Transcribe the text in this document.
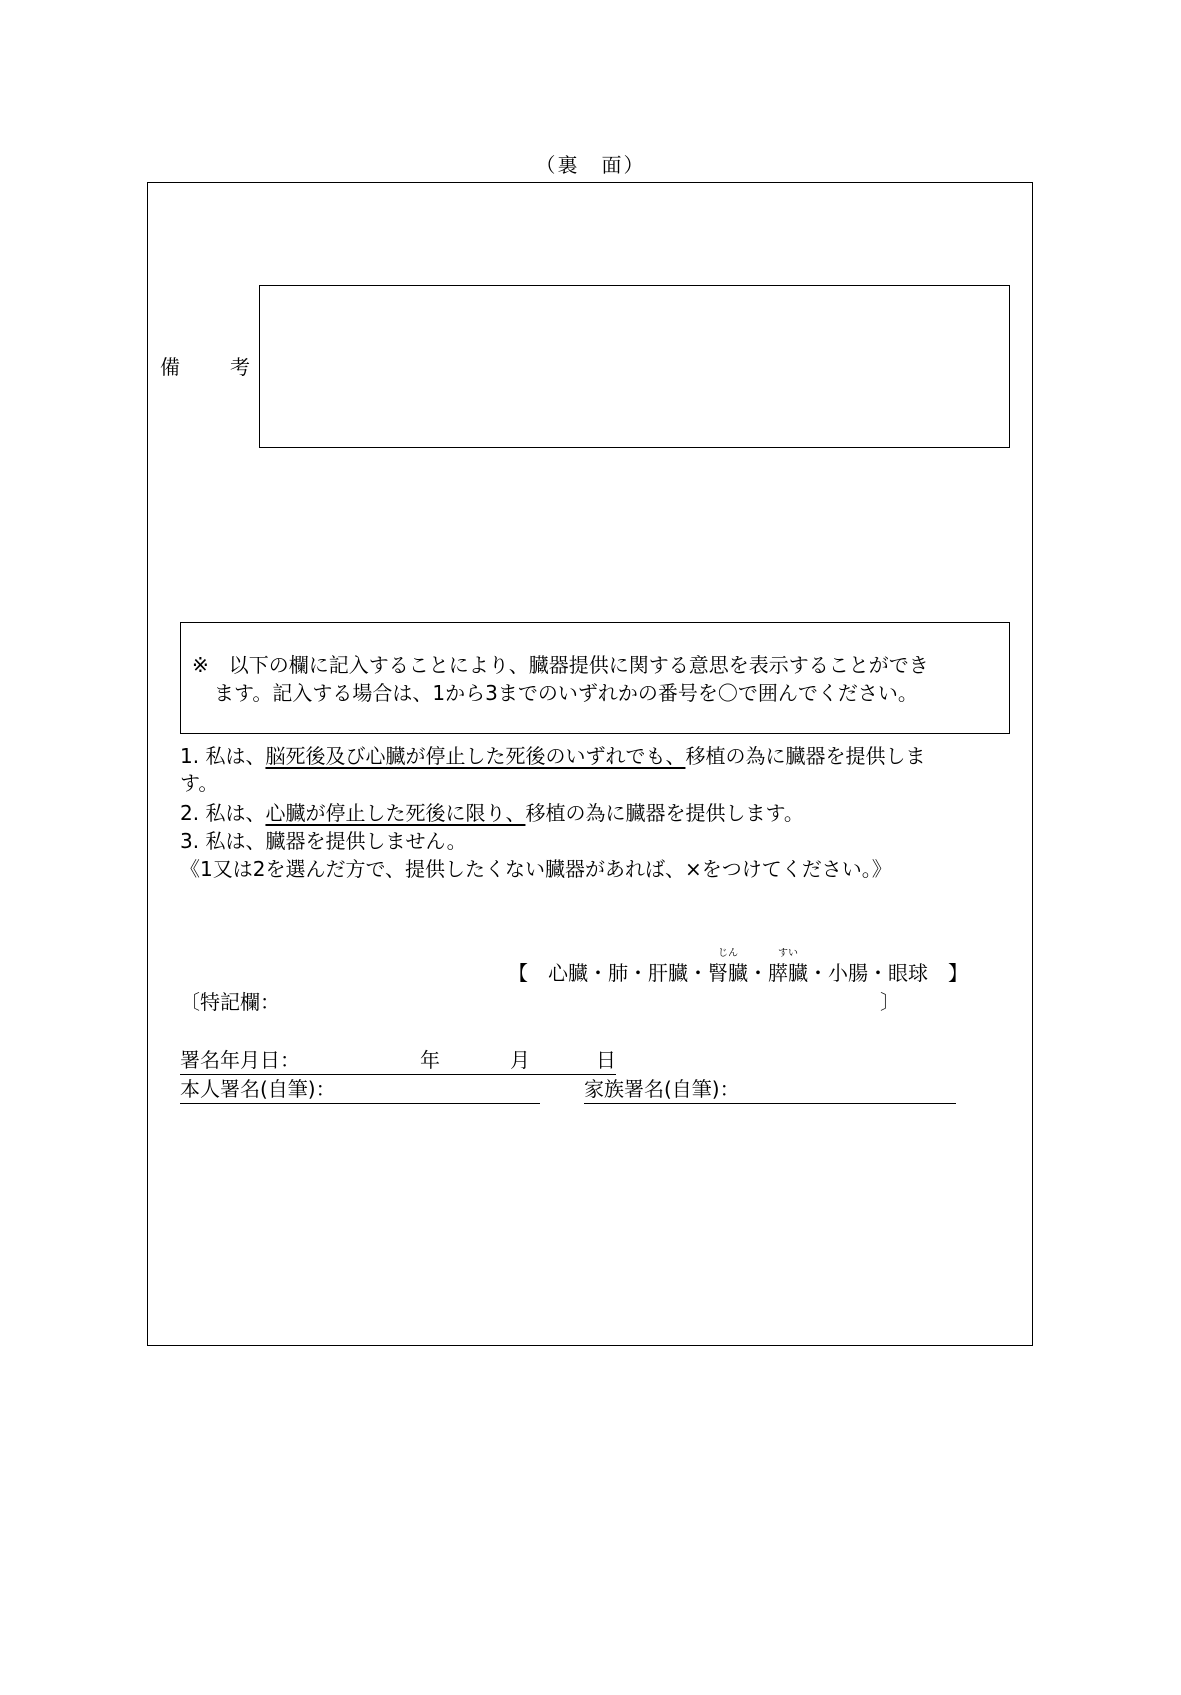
（裏　面）
備	考
※　以下の欄に記入することにより、臓器提供に関する意思を表示することができ
ます。記入する場合は、1から3までのいずれかの番号を〇で囲んでください。
1. 私は、脳死後及び心臓が停止した死後のいずれでも、移植の為に臓器を提供しま
す。
2. 私は、心臓が停止した死後に限り、移植の為に臓器を提供します。
3. 私は、臓器を提供しません。
《1又は2を選んだ方で、提供したくない臓器があれば、×をつけてください。》
【 心臓・肺・肝臓・
じん
腎臓・
すい
膵臓・小腸・眼球 】
〔特記欄：	〕
署名年月日：	年	月	日
本人署名(自筆)：	家族署名(自筆)：
